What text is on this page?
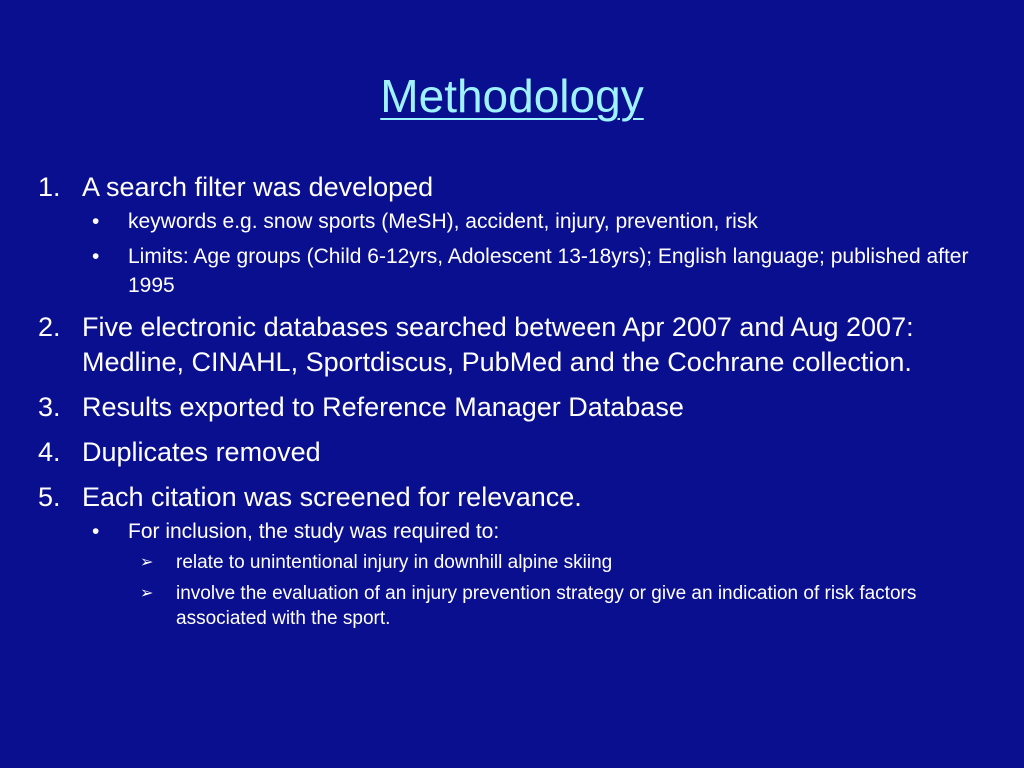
Methodology
1. A search filter was developed
• keywords e.g. snow sports (MeSH), accident, injury, prevention, risk
• Limits: Age groups (Child 6-12yrs, Adolescent 13-18yrs); English language; published after 1995
2. Five electronic databases searched between Apr 2007 and Aug 2007: Medline, CINAHL, Sportdiscus, PubMed and the Cochrane collection.
3. Results exported to Reference Manager Database
4. Duplicates removed
5. Each citation was screened for relevance.
• For inclusion, the study was required to:
➢ relate to unintentional injury in downhill alpine skiing
➢ involve the evaluation of an injury prevention strategy or give an indication of risk factors associated with the sport.
